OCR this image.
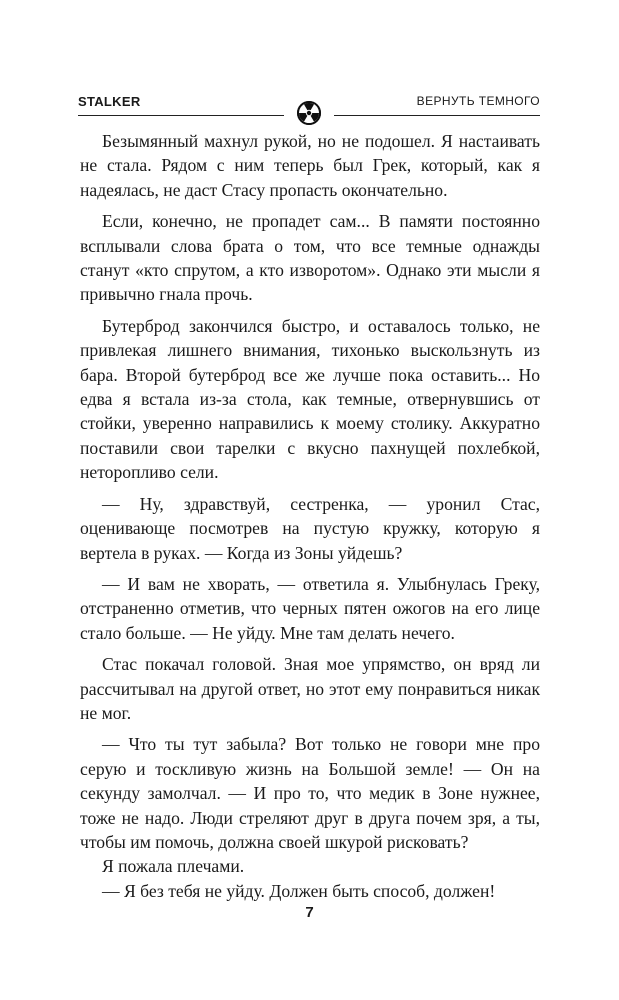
STALKER	ВЕРНУТЬ ТЕМНОГО

Безымянный махнул рукой, но не подошел. Я настаивать не стала. Рядом с ним теперь был Грек, который, как я надеялась, не даст Стасу пропасть окончательно.

Если, конечно, не пропадет сам... В памяти постоянно всплывали слова брата о том, что все темные однажды станут «кто спрутом, а кто изворотом». Однако эти мысли я привычно гнала прочь.

Бутерброд закончился быстро, и оставалось только, не привлекая лишнего внимания, тихонько выскользнуть из бара. Второй бутерброд все же лучше пока оставить... Но едва я встала из-за стола, как темные, отвернувшись от стойки, уверенно направились к моему столику. Аккуратно поставили свои тарелки с вкусно пахнущей похлебкой, неторопливо сели.

— Ну, здравствуй, сестренка, — уронил Стас, оценивающе посмотрев на пустую кружку, которую я вертела в руках. — Когда из Зоны уйдешь?

— И вам не хворать, — ответила я. Улыбнулась Греку, отстраненно отметив, что черных пятен ожогов на его лице стало больше. — Не уйду. Мне там делать нечего.

Стас покачал головой. Зная мое упрямство, он вряд ли рассчитывал на другой ответ, но этот ему понравиться никак не мог.

— Что ты тут забыла? Вот только не говори мне про серую и тоскливую жизнь на Большой земле! — Он на секунду замолчал. — И про то, что медик в Зоне нужнее, тоже не надо. Люди стреляют друг в друга почем зря, а ты, чтобы им помочь, должна своей шкурой рисковать?

Я пожала плечами.

— Я без тебя не уйду. Должен быть способ, должен!

7
